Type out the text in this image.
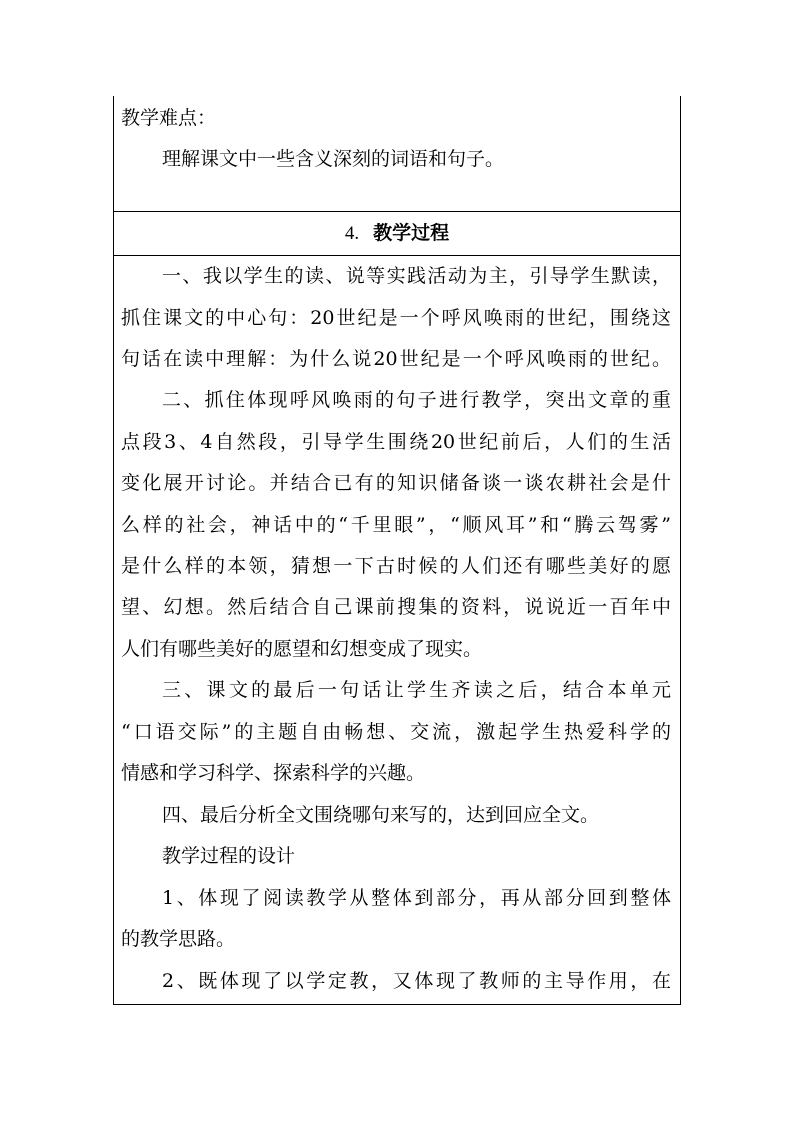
教学难点：
理解课文中一些含义深刻的词语和句子。
4. 教学过程
一、我以学生的读、说等实践活动为主，引导学生默读，
抓住课文的中心句：20世纪是一个呼风唤雨的世纪，围绕这
句话在读中理解：为什么说20世纪是一个呼风唤雨的世纪。
二、抓住体现呼风唤雨的句子进行教学，突出文章的重
点段3、4自然段，引导学生围绕20世纪前后，人们的生活
变化展开讨论。并结合已有的知识储备谈一谈农耕社会是什
么样的社会，神话中的“千里眼”，“顺风耳”和“腾云驾雾”
是什么样的本领，猜想一下古时候的人们还有哪些美好的愿
望、幻想。然后结合自己课前搜集的资料，说说近一百年中
人们有哪些美好的愿望和幻想变成了现实。
三、课文的最后一句话让学生齐读之后，结合本单元
“口语交际”的主题自由畅想、交流，激起学生热爱科学的
情感和学习科学、探索科学的兴趣。
四、最后分析全文围绕哪句来写的，达到回应全文。
教学过程的设计
1、体现了阅读教学从整体到部分，再从部分回到整体
的教学思路。
2、既体现了以学定教，又体现了教师的主导作用，在
